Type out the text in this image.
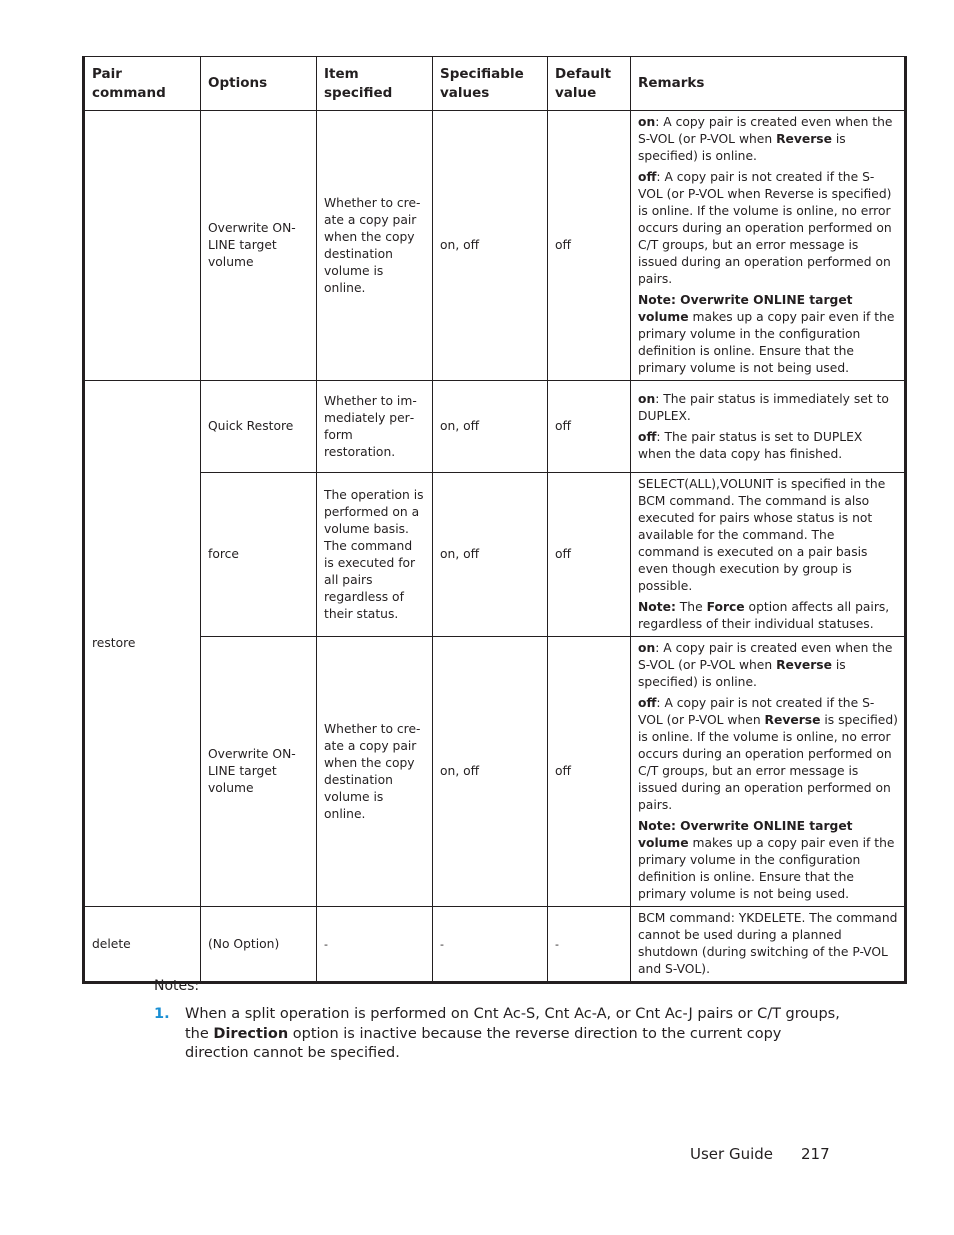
Pair command	Options	Item specified	Specifiable values	Default value	Remarks
	Overwrite ONLINE target volume	Whether to create a copy pair when the copy destination volume is online.	on, off	off	on: A copy pair is created even when the S-VOL (or P-VOL when Reverse is specified) is online.

off: A copy pair is not created if the S-VOL (or P-VOL when Reverse is specified) is online. If the volume is online, no error occurs during an operation performed on C/T groups, but an error message is issued during an operation performed on pairs.

Note: Overwrite ONLINE target volume makes up a copy pair even if the primary volume in the configuration definition is online. Ensure that the primary volume is not being used.

restore	Quick Restore	Whether to immediately perform restoration.	on, off	off	on: The pair status is immediately set to DUPLEX.

off: The pair status is set to DUPLEX when the data copy has finished.

	force	The operation is performed on a volume basis. The command is executed for all pairs regardless of their status.	on, off	off	SELECT(ALL),VOLUNIT is specified in the BCM command. The command is also executed for pairs whose status is not available for the command. The command is executed on a pair basis even though execution by group is possible.

Note: The Force option affects all pairs, regardless of their individual statuses.

	Overwrite ONLINE target volume	Whether to create a copy pair when the copy destination volume is online.	on, off	off	on: A copy pair is created even when the S-VOL (or P-VOL when Reverse is specified) is online.

off: A copy pair is not created if the S-VOL (or P-VOL when Reverse is specified) is online. If the volume is online, no error occurs during an operation performed on C/T groups, but an error message is issued during an operation performed on pairs.

Note: Overwrite ONLINE target volume makes up a copy pair even if the primary volume in the configuration definition is online. Ensure that the primary volume is not being used.

delete	(No Option)	-	-	-	BCM command: YKDELETE. The command cannot be used during a planned shutdown (during switching of the P-VOL and S-VOL).

Notes:
1. When a split operation is performed on Cnt Ac-S, Cnt Ac-A, or Cnt Ac-J pairs or C/T groups, the Direction option is inactive because the reverse direction to the current copy direction cannot be specified.
User Guide 217
